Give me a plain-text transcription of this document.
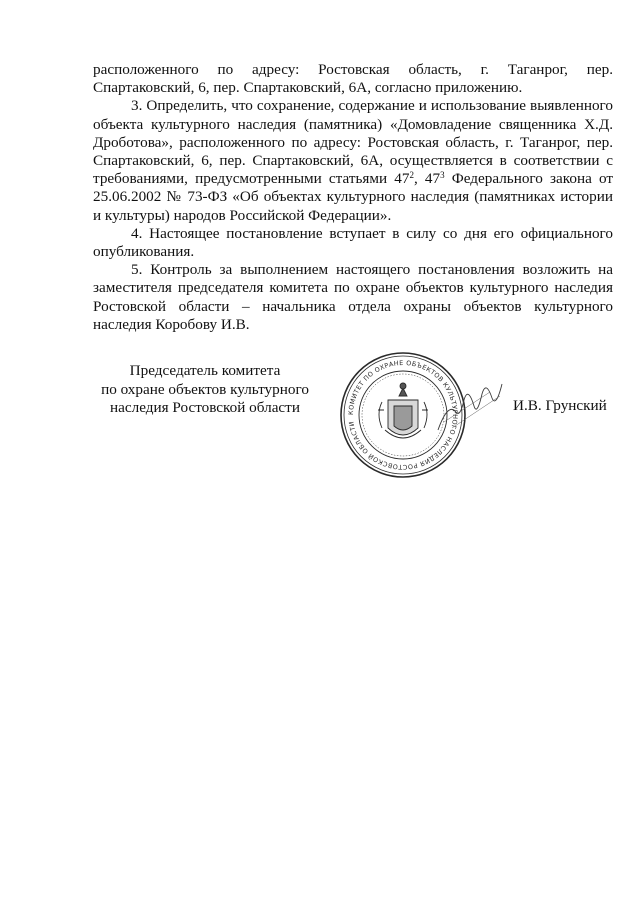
расположенного по адресу: Ростовская область, г. Таганрог, пер. Спартаковский, 6, пер. Спартаковский, 6А, согласно приложению.

3. Определить, что сохранение, содержание и использование выявленного объекта культурного наследия (памятника) «Домовладение священника Х.Д. Дроботова», расположенного по адресу: Ростовская область, г. Таганрог, пер. Спартаковский, 6, пер. Спартаковский, 6А, осуществляется в соответствии с требованиями, предусмотренными статьями $47^2$, $47^3$ Федерального закона от 25.06.2002 № 73-ФЗ «Об объектах культурного наследия (памятниках истории и культуры) народов Российской Федерации».

4. Настоящее постановление вступает в силу со дня его официального опубликования.

5. Контроль за выполнением настоящего постановления возложить на заместителя председателя комитета по охране объектов культурного наследия Ростовской области – начальника отдела охраны объектов культурного наследия Коробову И.В.

Председатель комитета
по охране объектов культурного
наследия Ростовской области	КОМИТЕТ ПО ОХРАНЕ ОБЪЕКТОВ КУЛЬТУРНОГО НАСЛЕДИЯ РОСТОВСКОЙ ОБЛАСТИ
И.В. Грунский
